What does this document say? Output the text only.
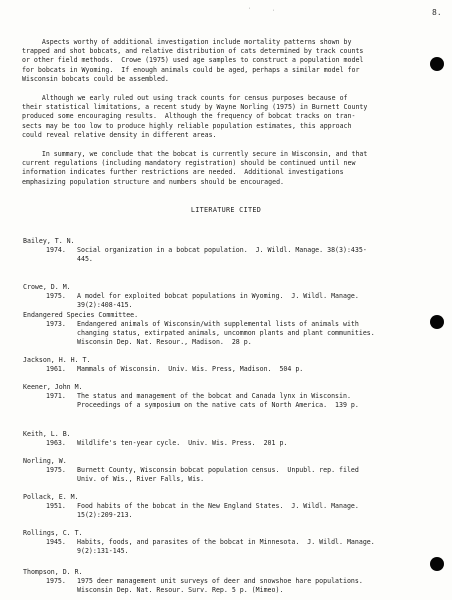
8.
·	·
Aspects worthy of additional investigation include mortality patterns shown by
trapped and shot bobcats, and relative distribution of cats determined by track counts
or other field methods.  Crowe (1975) used age samples to construct a population model
for bobcats in Wyoming.  If enough animals could be aged, perhaps a similar model for
Wisconsin bobcats could be assembled.
Although we early ruled out using track counts for census purposes because of
their statistical limitations, a recent study by Wayne Norling (1975) in Burnett County
produced some encouraging results.  Although the frequency of bobcat tracks on tran-
sects may be too low to produce highly reliable population estimates, this approach
could reveal relative density in different areas.
In summary, we conclude that the bobcat is currently secure in Wisconsin, and that
current regulations (including mandatory registration) should be continued until new
information indicates further restrictions are needed.  Additional investigations
emphasizing population structure and numbers should be encouraged.
LITERATURE CITED
Bailey, T. N.
1974. Social organization in a bobcat population.  J. Wildl. Manage. 38(3):435-
445.
Crowe, D. M.
1975. A model for exploited bobcat populations in Wyoming.  J. Wildl. Manage.
39(2):408-415.
Endangered Species Committee.
1973. Endangered animals of Wisconsin/with supplemental lists of animals with
changing status, extirpated animals, uncommon plants and plant communities.
Wisconsin Dep. Nat. Resour., Madison.  28 p.
Jackson, H. H. T.
1961. Mammals of Wisconsin.  Univ. Wis. Press, Madison.  504 p.
Keener, John M.
1971. The status and management of the bobcat and Canada lynx in Wisconsin.
Proceedings of a symposium on the native cats of North America.  139 p.
Keith, L. B.
1963. Wildlife's ten-year cycle.  Univ. Wis. Press.  201 p.
Norling, W.
1975. Burnett County, Wisconsin bobcat population census.  Unpubl. rep. filed
Univ. of Wis., River Falls, Wis.
Pollack, E. M.
1951. Food habits of the bobcat in the New England States.  J. Wildl. Manage.
15(2):209-213.
Rollings, C. T.
1945. Habits, foods, and parasites of the bobcat in Minnesota.  J. Wildl. Manage.
9(2):131-145.
Thompson, D. R.
1975. 1975 deer management unit surveys of deer and snowshoe hare populations.
Wisconsin Dep. Nat. Resour. Surv. Rep. 5 p. (Mimeo).
